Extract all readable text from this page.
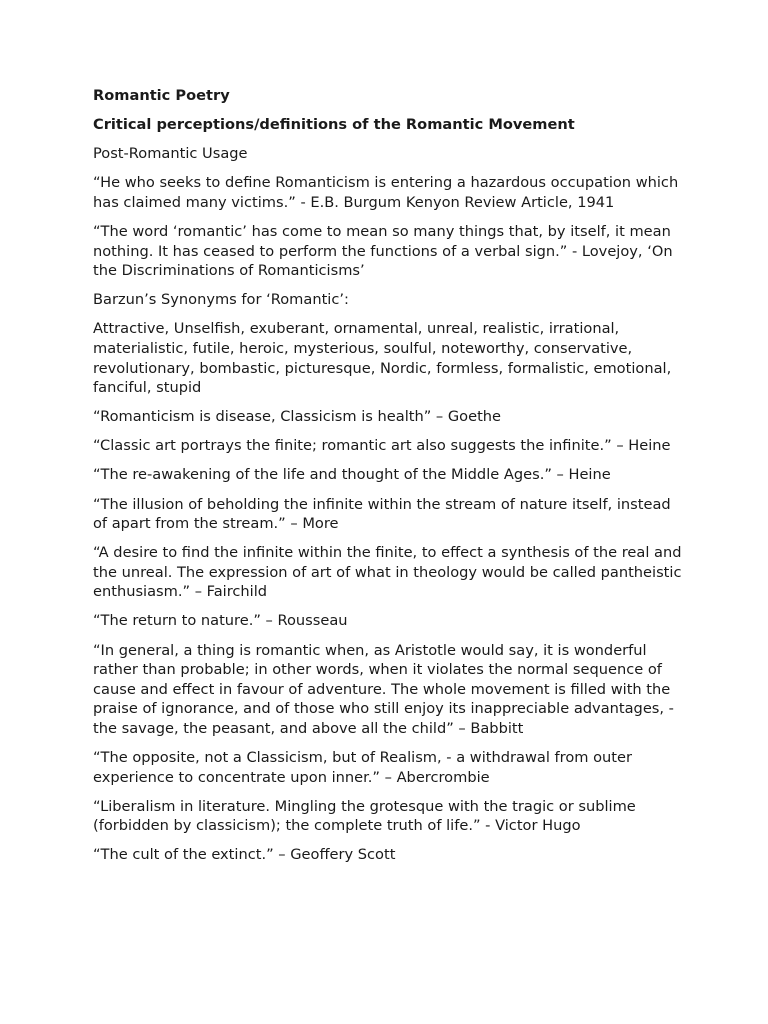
Romantic Poetry

Critical perceptions/definitions of the Romantic Movement

Post-Romantic Usage

“He who seeks to define Romanticism is entering a hazardous occupation which has claimed many victims.” - E.B. Burgum Kenyon Review Article, 1941

“The word ‘romantic’ has come to mean so many things that, by itself, it mean nothing. It has ceased to perform the functions of a verbal sign.” - Lovejoy, ‘On the Discriminations of Romanticisms’

Barzun’s Synonyms for ‘Romantic’:

Attractive, Unselfish, exuberant, ornamental, unreal, realistic, irrational, materialistic, futile, heroic, mysterious, soulful, noteworthy, conservative, revolutionary, bombastic, picturesque, Nordic, formless, formalistic, emotional, fanciful, stupid

“Romanticism is disease, Classicism is health” – Goethe

“Classic art portrays the finite; romantic art also suggests the infinite.” – Heine

“The re-awakening of the life and thought of the Middle Ages.” – Heine

“The illusion of beholding the infinite within the stream of nature itself, instead of apart from the stream.” – More

“A desire to find the infinite within the finite, to effect a synthesis of the real and the unreal. The expression of art of what in theology would be called pantheistic enthusiasm.” – Fairchild

“The return to nature.” – Rousseau

“In general, a thing is romantic when, as Aristotle would say, it is wonderful rather than probable; in other words, when it violates the normal sequence of cause and effect in favour of adventure. The whole movement is filled with the praise of ignorance, and of those who still enjoy its inappreciable advantages, - the savage, the peasant, and above all the child” – Babbitt

“The opposite, not a Classicism, but of Realism, - a withdrawal from outer experience to concentrate upon inner.” – Abercrombie

“Liberalism in literature. Mingling the grotesque with the tragic or sublime (forbidden by classicism); the complete truth of life.” - Victor Hugo

“The cult of the extinct.” – Geoffery Scott
